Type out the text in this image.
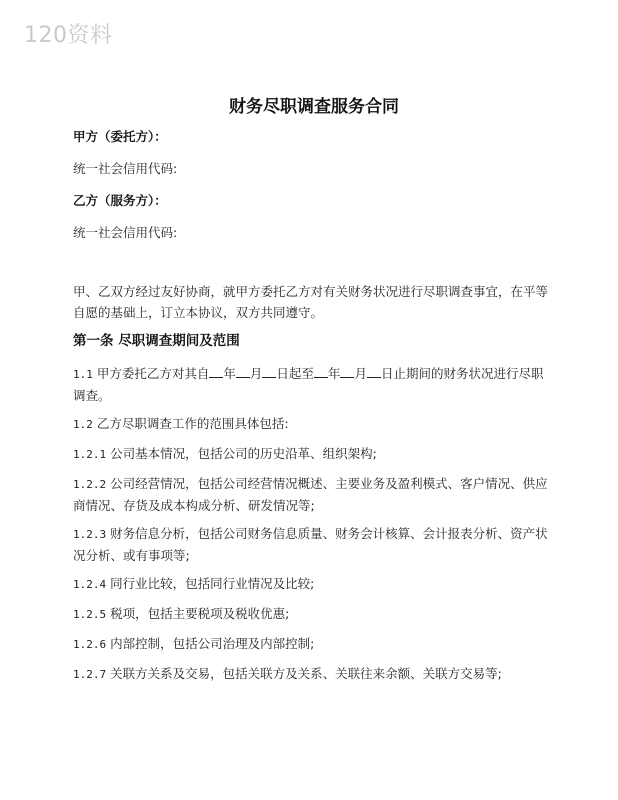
120资料
财务尽职调查服务合同
甲方（委托方）：
统一社会信用代码:
乙方（服务方）：
统一社会信用代码:
甲、乙双方经过友好协商，就甲方委托乙方对有关财务状况进行尽职调查事宜，在平等自愿的基础上，订立本协议，双方共同遵守。
第一条 尽职调查期间及范围
1.1 甲方委托乙方对其自 年 月 日起至 年 月 日止期间的财务状况进行尽职调查。
1.2 乙方尽职调查工作的范围具体包括:
1.2.1 公司基本情况，包括公司的历史沿革、组织架构;
1.2.2 公司经营情况，包括公司经营情况概述、主要业务及盈利模式、客户情况、供应商情况、存货及成本构成分析、研发情况等;
1.2.3 财务信息分析，包括公司财务信息质量、财务会计核算、会计报表分析、资产状况分析、或有事项等;
1.2.4 同行业比较，包括同行业情况及比较;
1.2.5 税项，包括主要税项及税收优惠;
1.2.6 内部控制，包括公司治理及内部控制;
1.2.7 关联方关系及交易，包括关联方及关系、关联往来余额、关联方交易等;
